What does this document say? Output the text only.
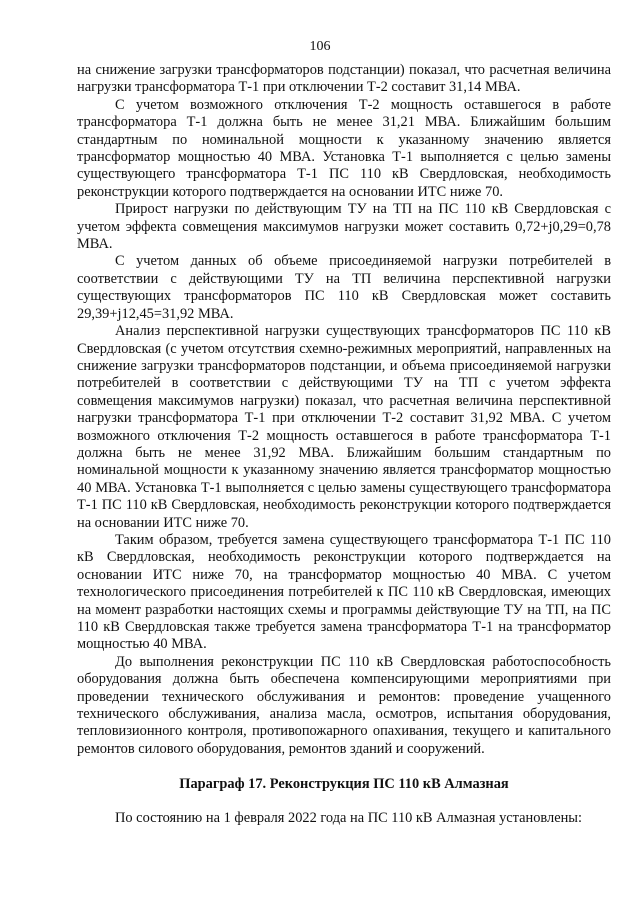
106

на снижение загрузки трансформаторов подстанции) показал, что расчетная величина нагрузки трансформатора Т-1 при отключении Т-2 составит 31,14 МВА.

С учетом возможного отключения Т-2 мощность оставшегося в работе трансформатора Т-1 должна быть не менее 31,21 МВА. Ближайшим большим стандартным по номинальной мощности к указанному значению является трансформатор мощностью 40 МВА. Установка Т-1 выполняется с целью замены существующего трансформатора Т-1 ПС 110 кВ Свердловская, необходимость реконструкции которого подтверждается на основании ИТС ниже 70.

Прирост нагрузки по действующим ТУ на ТП на ПС 110 кВ Свердловская с учетом эффекта совмещения максимумов нагрузки может составить 0,72+j0,29=0,78 МВА.

С учетом данных об объеме присоединяемой нагрузки потребителей в соответствии с действующими ТУ на ТП величина перспективной нагрузки существующих трансформаторов ПС 110 кВ Свердловская может составить 29,39+j12,45=31,92 МВА.

Анализ перспективной нагрузки существующих трансформаторов ПС 110 кВ Свердловская (с учетом отсутствия схемно-режимных мероприятий, направленных на снижение загрузки трансформаторов подстанции, и объема присоединяемой нагрузки потребителей в соответствии с действующими ТУ на ТП с учетом эффекта совмещения максимумов нагрузки) показал, что расчетная величина перспективной нагрузки трансформатора Т-1 при отключении Т-2 составит 31,92 МВА. С учетом возможного отключения Т-2 мощность оставшегося в работе трансформатора Т-1 должна быть не менее 31,92 МВА. Ближайшим большим стандартным по номинальной мощности к указанному значению является трансформатор мощностью 40 МВА. Установка Т-1 выполняется с целью замены существующего трансформатора Т-1 ПС 110 кВ Свердловская, необходимость реконструкции которого подтверждается на основании ИТС ниже 70.

Таким образом, требуется замена существующего трансформатора Т-1 ПС 110 кВ Свердловская, необходимость реконструкции которого подтверждается на основании ИТС ниже 70, на трансформатор мощностью 40 МВА. С учетом технологического присоединения потребителей к ПС 110 кВ Свердловская, имеющих на момент разработки настоящих схемы и программы действующие ТУ на ТП, на ПС 110 кВ Свердловская также требуется замена трансформатора Т-1 на трансформатор мощностью 40 МВА.

До выполнения реконструкции ПС 110 кВ Свердловская работоспособность оборудования должна быть обеспечена компенсирующими мероприятиями при проведении технического обслуживания и ремонтов: проведение учащенного технического обслуживания, анализа масла, осмотров, испытания оборудования, тепловизионного контроля, противопожарного опахивания, текущего и капитального ремонтов силового оборудования, ремонтов зданий и сооружений.

Параграф 17. Реконструкция ПС 110 кВ Алмазная

По состоянию на 1 февраля 2022 года на ПС 110 кВ Алмазная установлены:
